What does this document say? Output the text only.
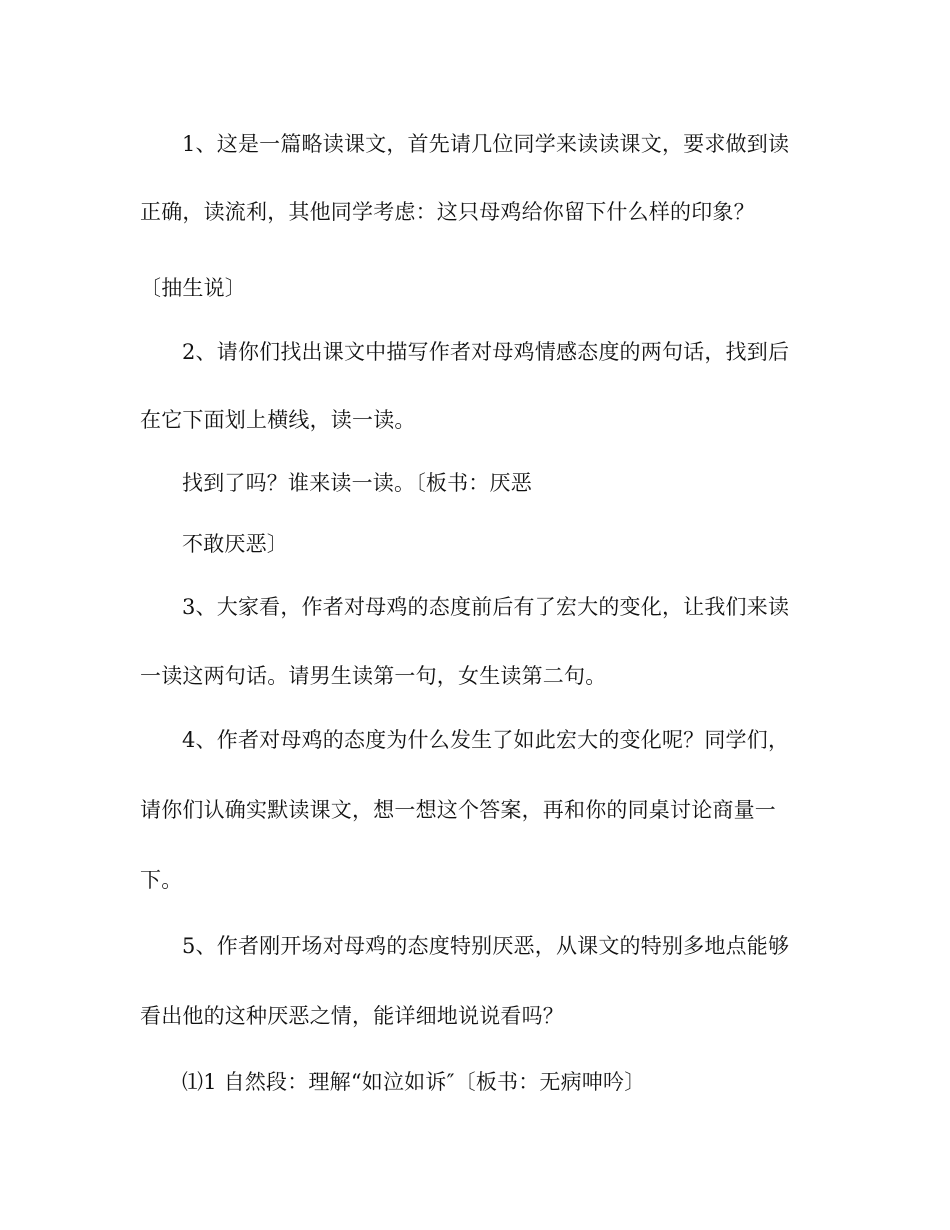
1、这是一篇略读课文，首先请几位同学来读读课文，要求做到读
正确，读流利，其他同学考虑：这只母鸡给你留下什么样的印象？
〔抽生说〕
2、请你们找出课文中描写作者对母鸡情感态度的两句话，找到后
在它下面划上横线，读一读。
找到了吗？谁来读一读。〔板书：厌恶
不敢厌恶〕
3、大家看，作者对母鸡的态度前后有了宏大的变化，让我们来读
一读这两句话。请男生读第一句，女生读第二句。
4、作者对母鸡的态度为什么发生了如此宏大的变化呢？同学们，
请你们认确实默读课文，想一想这个答案，再和你的同桌讨论商量一
下。
5、作者刚开场对母鸡的态度特别厌恶，从课文的特别多地点能够
看出他的这种厌恶之情，能详细地说说看吗？
⑴1 自然段：理解“如泣如诉″〔板书：无病呻吟〕
